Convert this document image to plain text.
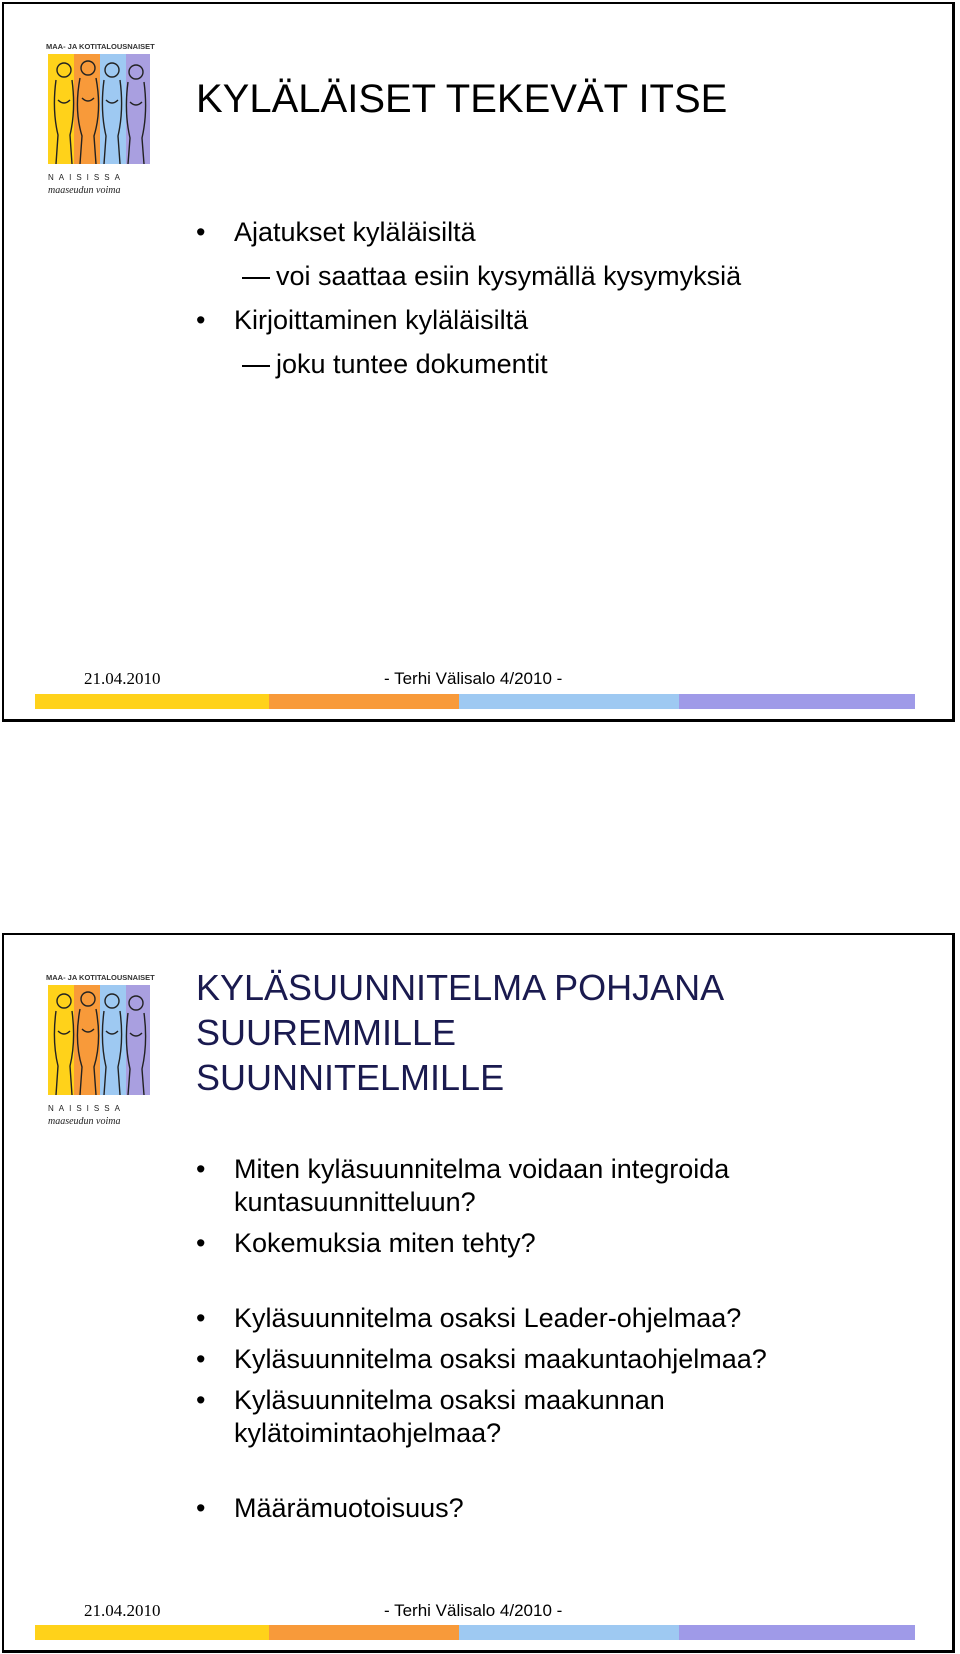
MAA- JA KOTITALOUSNAISET
NAISISSA
maaseudun voima
KYLÄLÄISET TEKEVÄT ITSE

• Ajatukset kyläläisiltä

voi saattaa esiin kysymällä kysymyksiä

• Kirjoittaminen kyläläisiltä

joku tuntee dokumentit

21.04.2010	- Terhi Välisalo 4/2010 -
MAA- JA KOTITALOUSNAISET
NAISISSA
maaseudun voima
KYLÄSUUNNITELMA POHJANA
SUUREMMILLE
SUUNNITELMILLE

• Miten kyläsuunnitelma voidaan integroida kuntasuunnitteluun?

• Kokemuksia miten tehty?

• Kyläsuunnitelma osaksi Leader-ohjelmaa?

• Kyläsuunnitelma osaksi maakuntaohjelmaa?

• Kyläsuunnitelma osaksi maakunnan kylätoimintaohjelmaa?

• Määrämuotoisuus?

21.04.2010	- Terhi Välisalo 4/2010 -
